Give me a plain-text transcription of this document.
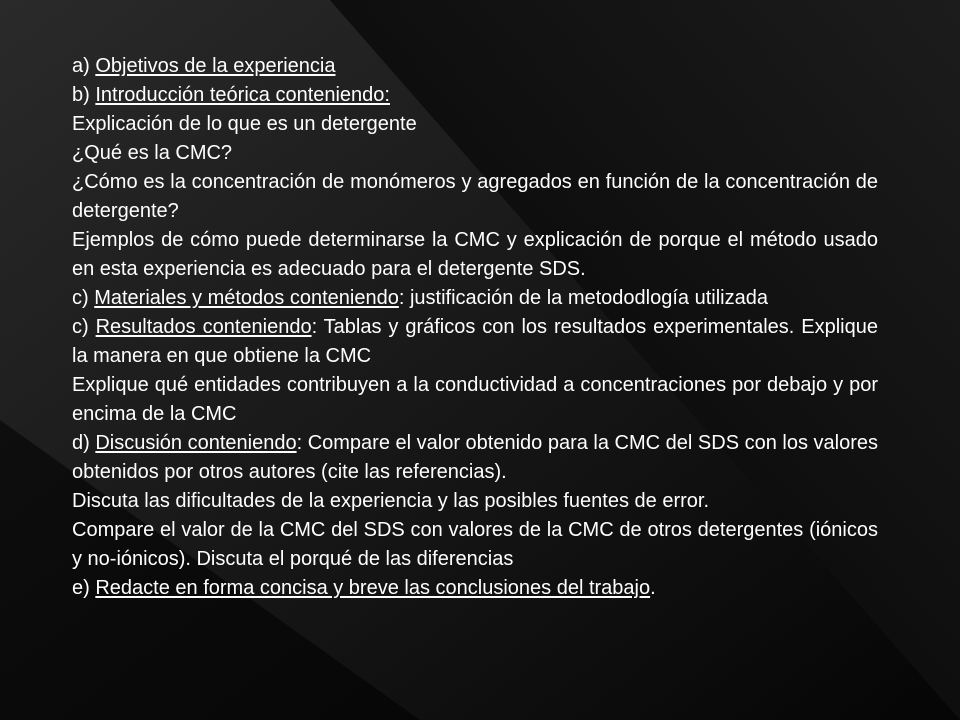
a) Objetivos de la experiencia

b) Introducción teórica conteniendo:

Explicación de lo que es un detergente

¿Qué es la CMC?

¿Cómo es la concentración de monómeros y agregados en función de la concentración de detergente?

Ejemplos de cómo puede determinarse la CMC y explicación de porque el método usado en esta experiencia es adecuado para el detergente SDS.

c) Materiales y métodos conteniendo: justificación de la metododlogía utilizada

c) Resultados conteniendo: Tablas y gráficos con los resultados experimentales. Explique la manera en que obtiene la CMC

Explique qué entidades contribuyen a la conductividad a concentraciones por debajo y por encima de la CMC

d) Discusión conteniendo: Compare el valor obtenido para la CMC del SDS con los valores obtenidos por otros autores (cite las referencias).

Discuta las dificultades de la experiencia y las posibles fuentes de error.

Compare el valor de la CMC del SDS con valores de la CMC de otros detergentes (iónicos y no-iónicos). Discuta el porqué de las diferencias

e) Redacte en forma concisa y breve las conclusiones del trabajo.
